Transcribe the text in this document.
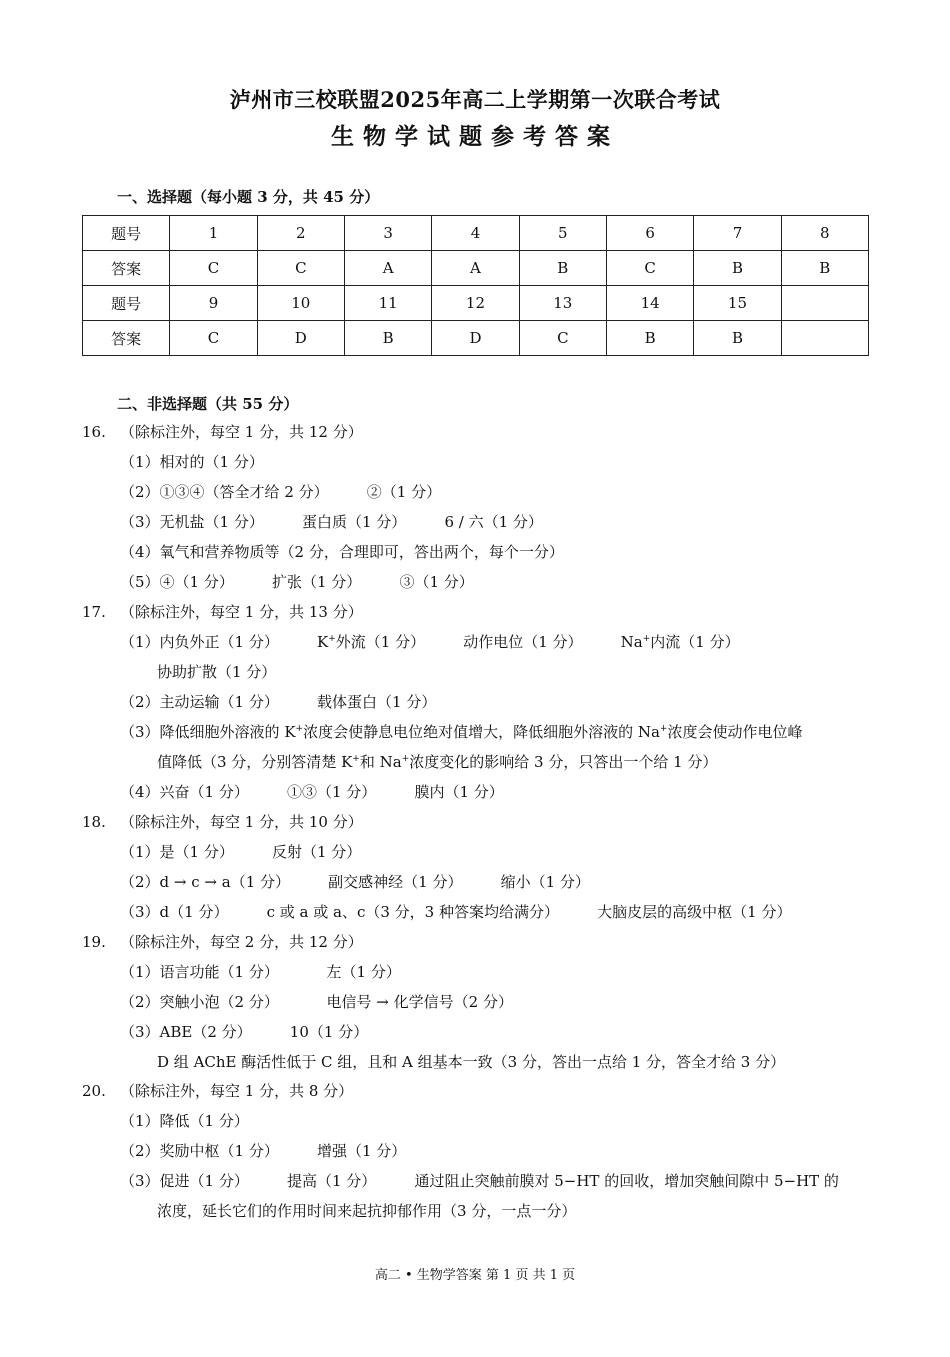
泸州市三校联盟2025年高二上学期第一次联合考试
生物学试题参考答案

一、选择题（每小题 3 分，共 45 分）

题号	1	2	3	4	5	6	7	8
答案	C	C	A	A	B	C	B	B
题号	9	10	11	12	13	14	15	
答案	C	D	B	D	C	B	B	

二、非选择题（共 55 分）

16. （除标注外，每空 1 分，共 12 分）
（1）相对的（1 分）
（2）①③④（答全才给 2 分）        ②（1 分）
（3）无机盐（1 分）        蛋白质（1 分）        6 / 六（1 分）
（4）氧气和营养物质等（2 分，合理即可，答出两个，每个一分）
（5）④（1 分）        扩张（1 分）        ③（1 分）
17. （除标注外，每空 1 分，共 13 分）
（1）内负外正（1 分）        K+外流（1 分）        动作电位（1 分）        Na+内流（1 分）
协助扩散（1 分）
（2）主动运输（1 分）        载体蛋白（1 分）
（3）降低细胞外溶液的 K+浓度会使静息电位绝对值增大，降低细胞外溶液的 Na+浓度会使动作电位峰
值降低（3 分，分别答清楚 K+和 Na+浓度变化的影响给 3 分，只答出一个给 1 分）
（4）兴奋（1 分）        ①③（1 分）        膜内（1 分）
18. （除标注外，每空 1 分，共 10 分）
（1）是（1 分）        反射（1 分）
（2）d → c → a（1 分）        副交感神经（1 分）        缩小（1 分）
（3）d（1 分）        c 或 a 或 a、c（3 分，3 种答案均给满分）        大脑皮层的高级中枢（1 分）
19. （除标注外，每空 2 分，共 12 分）
（1）语言功能（1 分）          左（1 分）
（2）突触小泡（2 分）          电信号 → 化学信号（2 分）
（3）ABE（2 分）        10（1 分）
D 组 AChE 酶活性低于 C 组，且和 A 组基本一致（3 分，答出一点给 1 分，答全才给 3 分）
20. （除标注外，每空 1 分，共 8 分）
（1）降低（1 分）
（2）奖励中枢（1 分）        增强（1 分）
（3）促进（1 分）        提高（1 分）        通过阻止突触前膜对 5−HT 的回收，增加突触间隙中 5−HT 的
浓度，延长它们的作用时间来起抗抑郁作用（3 分，一点一分）
高二 • 生物学答案 第 1 页 共 1 页
